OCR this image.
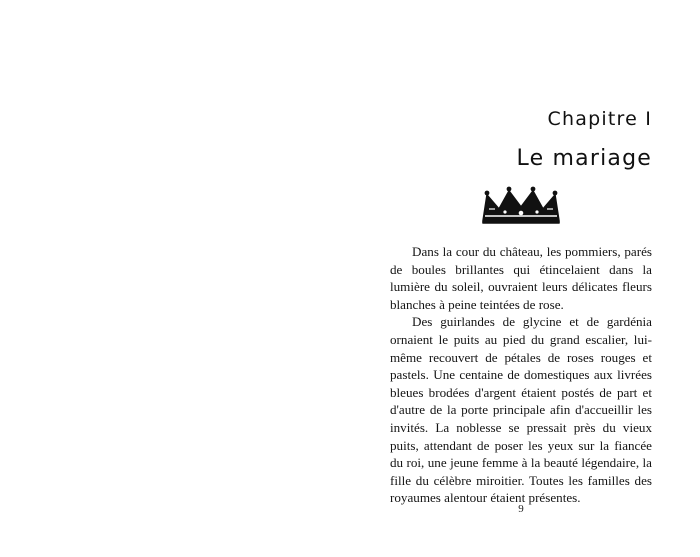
Chapitre I
Le mariage

Dans la cour du château, les pommiers, parés de boules brillantes qui étincelaient dans la lumière du soleil, ouvraient leurs délicates fleurs blanches à peine teintées de rose.

Des guirlandes de glycine et de gardénia ornaient le puits au pied du grand escalier, lui-même recouvert de pétales de roses rouges et pastels. Une centaine de domestiques aux livrées bleues brodées d'argent étaient postés de part et d'autre de la porte principale afin d'accueillir les invités. La noblesse se pressait près du vieux puits, attendant de poser les yeux sur la fiancée du roi, une jeune femme à la beauté légendaire, la fille du célèbre miroitier. Toutes les familles des royaumes alentour étaient présentes.

9
